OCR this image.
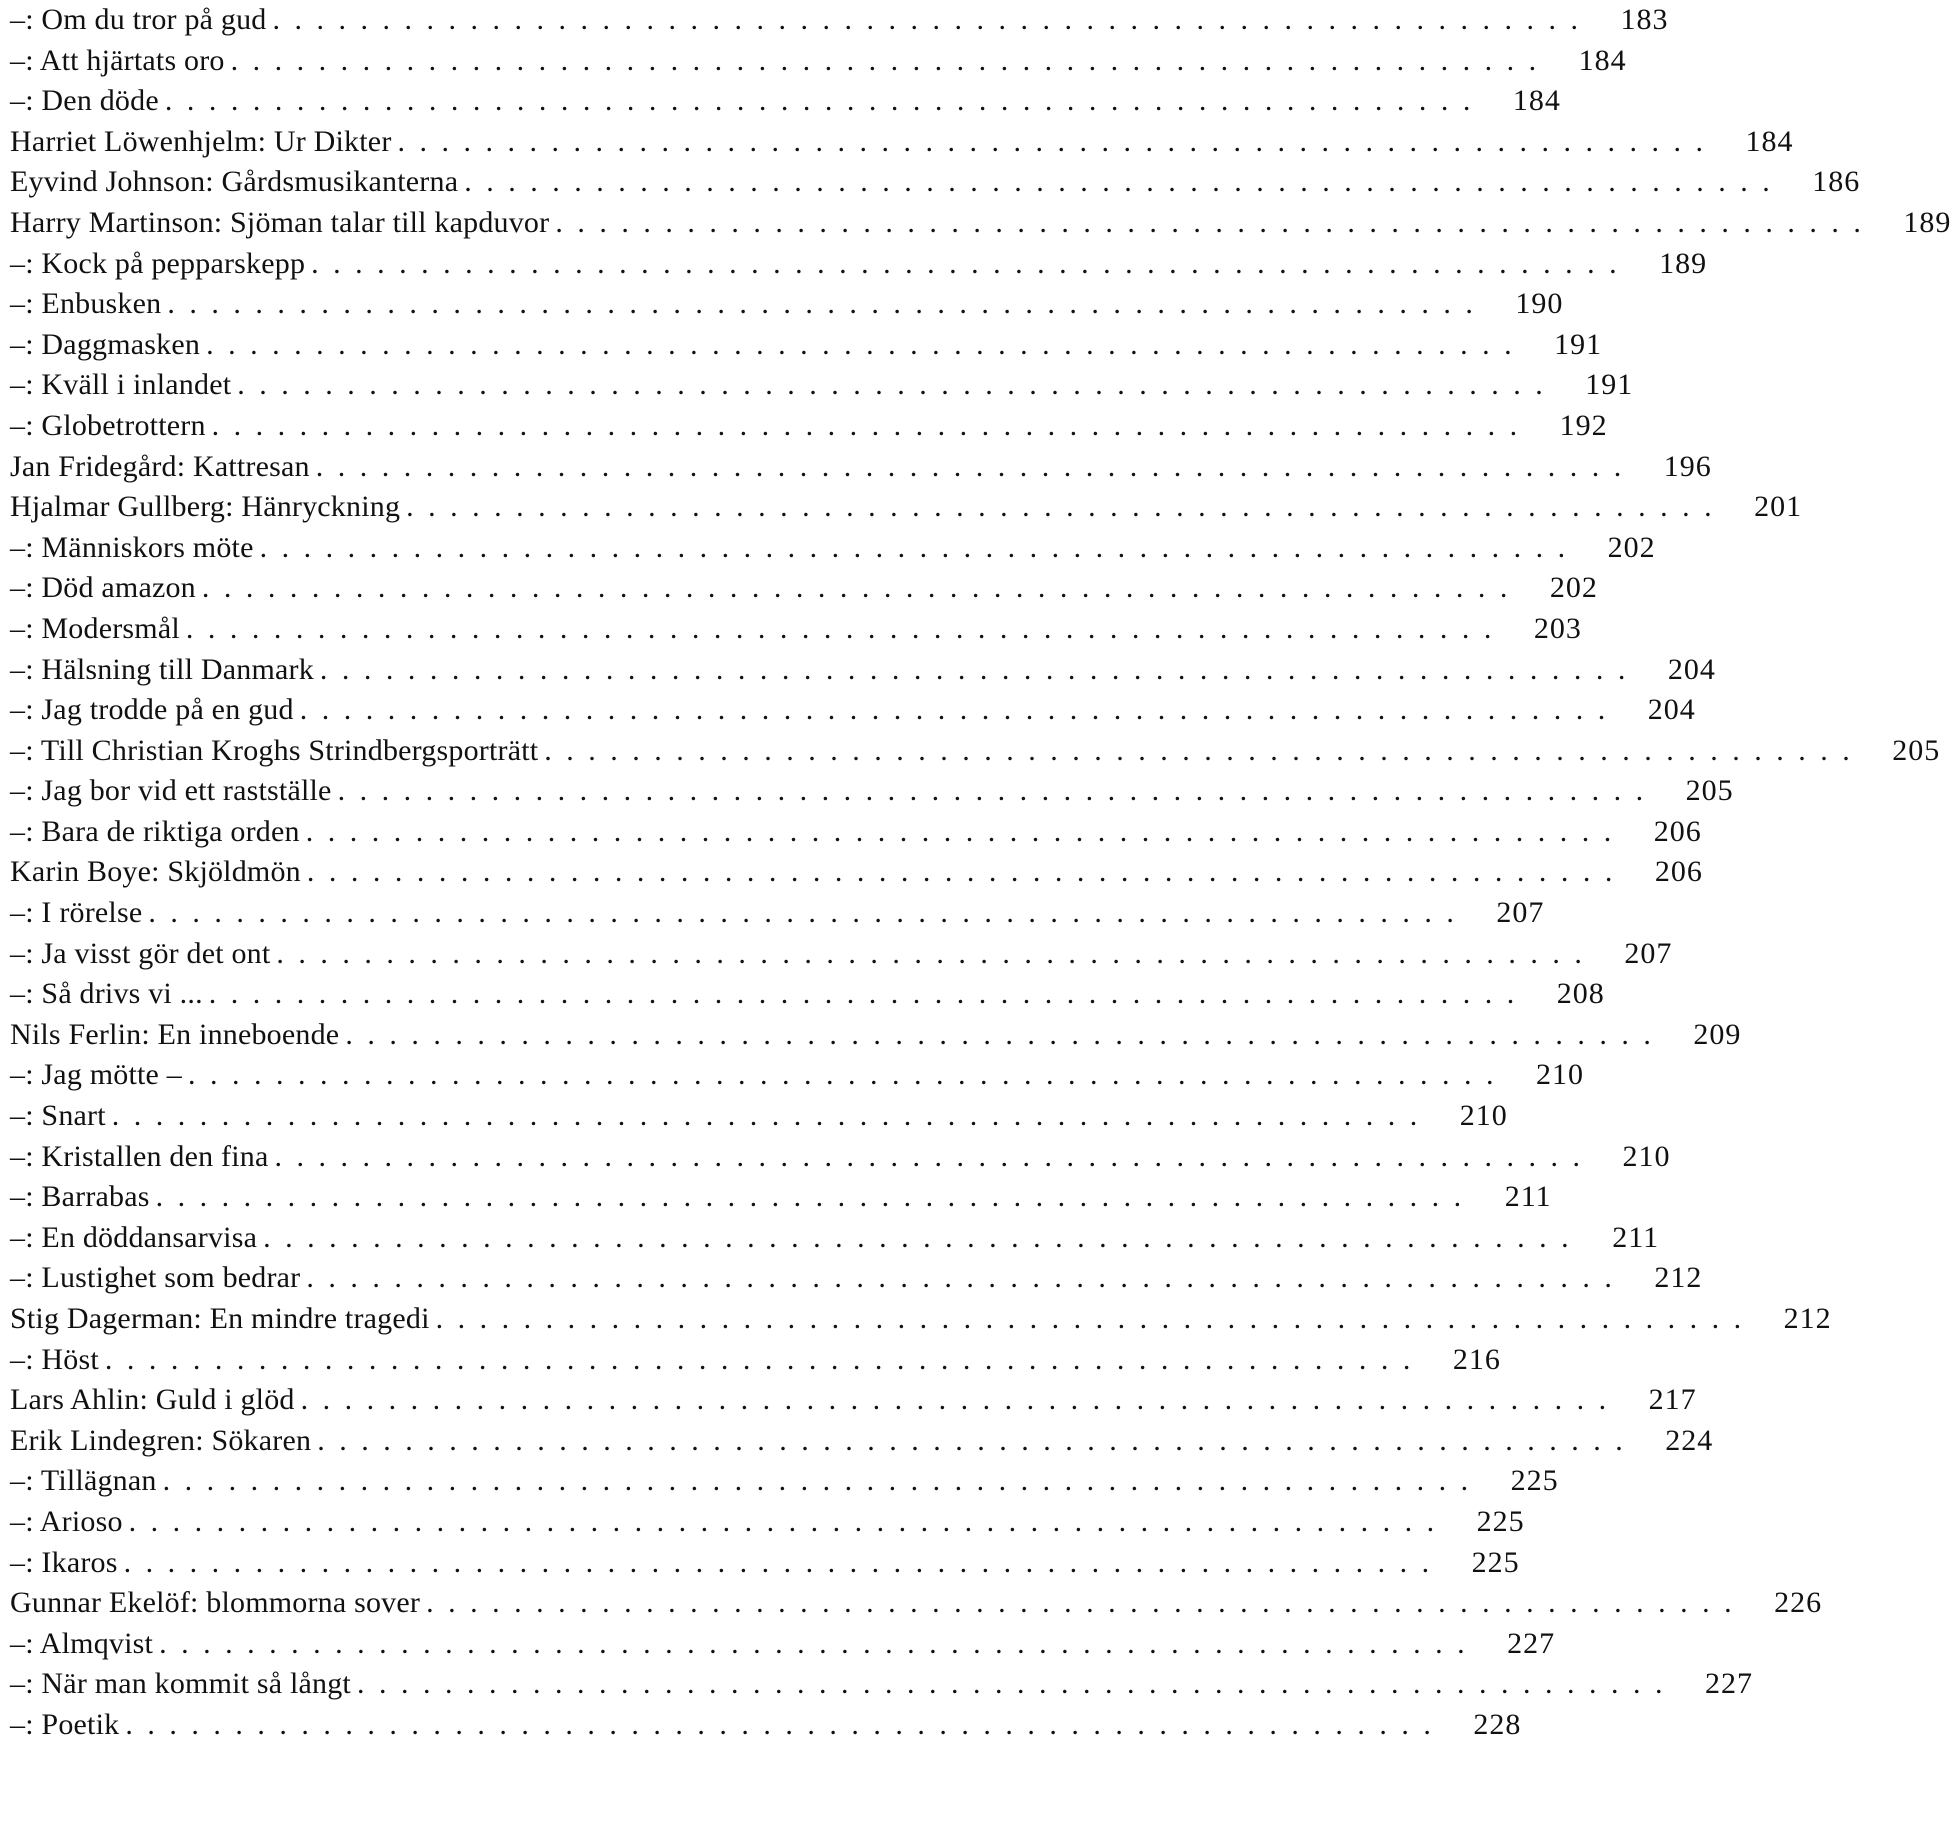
–: Om du tror på gud ............................................................ 183
–: Att hjärtats oro ............................................................ 184
–: Den döde ............................................................ 184
Harriet Löwenhjelm: Ur Dikter ............................................................ 184
Eyvind Johnson: Gårdsmusikanterna ............................................................ 186
Harry Martinson: Sjöman talar till kapduvor ............................................................ 189
–: Kock på pepparskepp ............................................................ 189
–: Enbusken ............................................................ 190
–: Daggmasken ............................................................ 191
–: Kväll i inlandet ............................................................ 191
–: Globetrottern ............................................................ 192
Jan Fridegård: Kattresan ............................................................ 196
Hjalmar Gullberg: Hänryckning ............................................................ 201
–: Människors möte ............................................................ 202
–: Död amazon ............................................................ 202
–: Modersmål ............................................................ 203
–: Hälsning till Danmark ............................................................ 204
–: Jag trodde på en gud ............................................................ 204
–: Till Christian Kroghs Strindbergsporträtt ............................................................ 205
–: Jag bor vid ett rastställe ............................................................ 205
–: Bara de riktiga orden ............................................................ 206
Karin Boye: Skjöldmön ............................................................ 206
–: I rörelse ............................................................ 207
–: Ja visst gör det ont ............................................................ 207
–: Så drivs vi ... ............................................................ 208
Nils Ferlin: En inneboende ............................................................ 209
–: Jag mötte – ............................................................ 210
–: Snart ............................................................ 210
–: Kristallen den fina ............................................................ 210
–: Barrabas ............................................................ 211
–: En döddansarvisa ............................................................ 211
–: Lustighet som bedrar ............................................................ 212
Stig Dagerman: En mindre tragedi ............................................................ 212
–: Höst ............................................................ 216
Lars Ahlin: Guld i glöd ............................................................ 217
Erik Lindegren: Sökaren ............................................................ 224
–: Tillägnan ............................................................ 225
–: Arioso ............................................................ 225
–: Ikaros ............................................................ 225
Gunnar Ekelöf: blommorna sover ............................................................ 226
–: Almqvist ............................................................ 227
–: När man kommit så långt ............................................................ 227
–: Poetik ............................................................ 228
